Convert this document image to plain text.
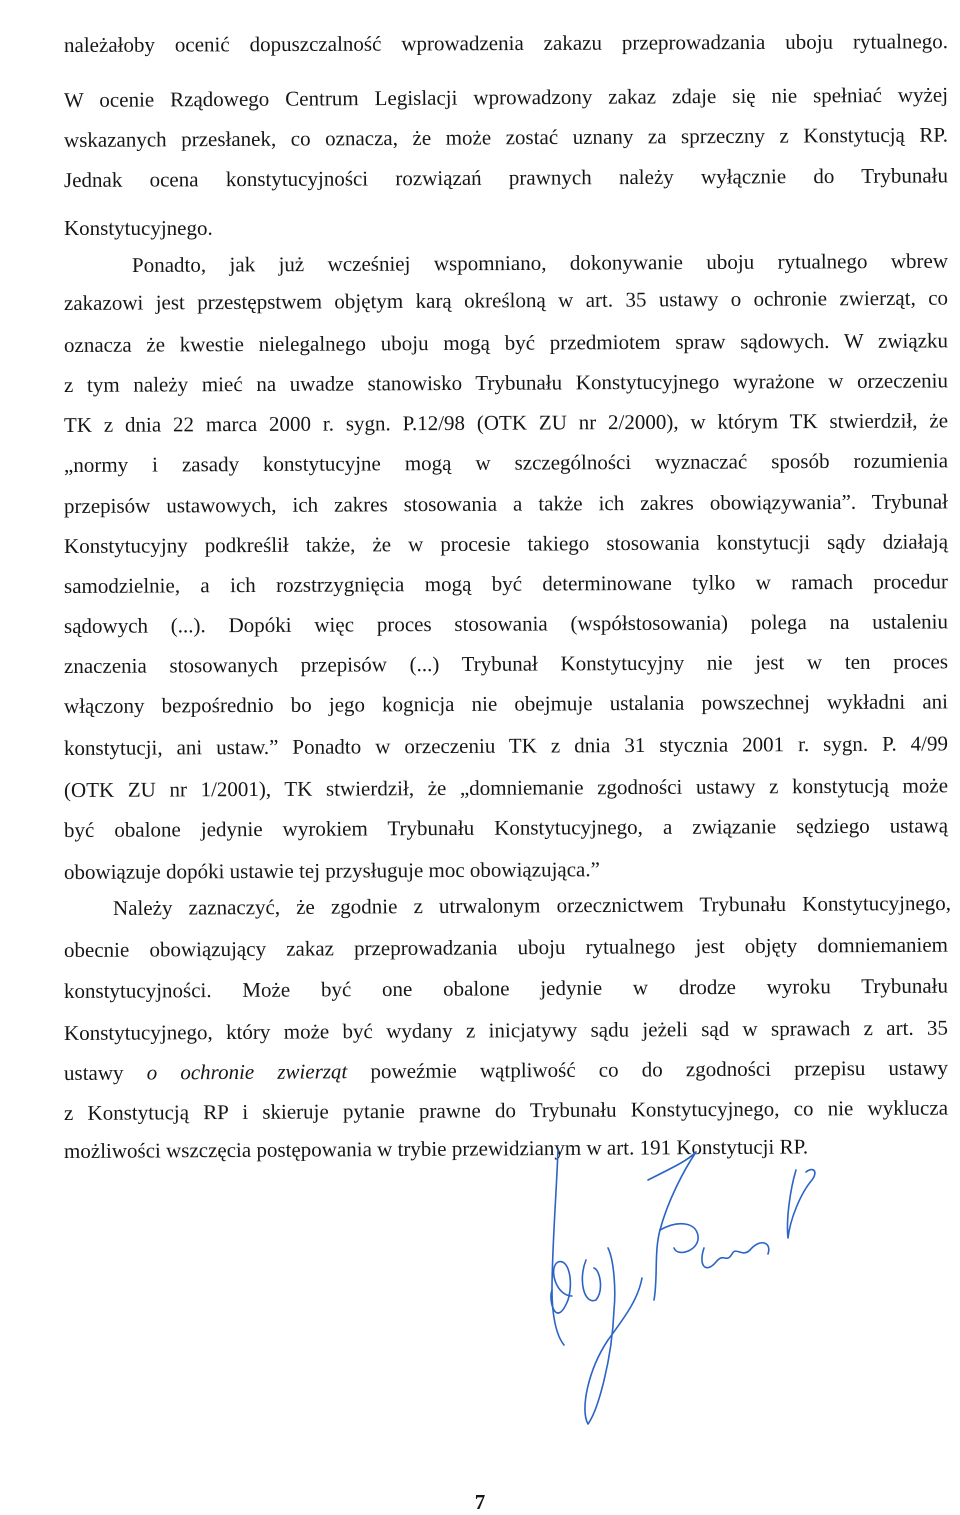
należałoby ocenić dopuszczalność wprowadzenia zakazu przeprowadzania uboju rytualnego.
W ocenie Rządowego Centrum Legislacji wprowadzony zakaz zdaje się nie spełniać wyżej
wskazanych przesłanek, co oznacza, że może zostać uznany za sprzeczny z Konstytucją RP.
Jednak ocena konstytucyjności rozwiązań prawnych należy wyłącznie do Trybunału
Konstytucyjnego.
Ponadto, jak już wcześniej wspomniano, dokonywanie uboju rytualnego wbrew
zakazowi jest przestępstwem objętym karą określoną w art. 35 ustawy o ochronie zwierząt, co
oznacza że kwestie nielegalnego uboju mogą być przedmiotem spraw sądowych. W związku
z tym należy mieć na uwadze stanowisko Trybunału Konstytucyjnego wyrażone w orzeczeniu
TK z dnia 22 marca 2000 r. sygn. P.12/98 (OTK ZU nr 2/2000), w którym TK stwierdził, że
„normy i zasady konstytucyjne mogą w szczególności wyznaczać sposób rozumienia
przepisów ustawowych, ich zakres stosowania a także ich zakres obowiązywania”. Trybunał
Konstytucyjny podkreślił także, że w procesie takiego stosowania konstytucji sądy działają
samodzielnie, a ich rozstrzygnięcia mogą być determinowane tylko w ramach procedur
sądowych (...). Dopóki więc proces stosowania (współstosowania) polega na ustaleniu
znaczenia stosowanych przepisów (...) Trybunał Konstytucyjny nie jest w ten proces
włączony bezpośrednio bo jego kognicja nie obejmuje ustalania powszechnej wykładni ani
konstytucji, ani ustaw.” Ponadto w orzeczeniu TK z dnia 31 stycznia 2001 r. sygn. P. 4/99
(OTK ZU nr 1/2001), TK stwierdził, że „domniemanie zgodności ustawy z konstytucją może
być obalone jedynie wyrokiem Trybunału Konstytucyjnego, a związanie sędziego ustawą
obowiązuje dopóki ustawie tej przysługuje moc obowiązująca.”
Należy zaznaczyć, że zgodnie z utrwalonym orzecznictwem Trybunału Konstytucyjnego,
obecnie obowiązujący zakaz przeprowadzania uboju rytualnego jest objęty domniemaniem
konstytucyjności. Może być one obalone jedynie w drodze wyroku Trybunału
Konstytucyjnego, który może być wydany z inicjatywy sądu jeżeli sąd w sprawach z art. 35
ustawy o ochronie zwierząt poweźmie wątpliwość co do zgodności przepisu ustawy
z Konstytucją RP i skieruje pytanie prawne do Trybunału Konstytucyjnego, co nie wyklucza
możliwości wszczęcia postępowania w trybie przewidzianym w art. 191 Konstytucji RP.
7
